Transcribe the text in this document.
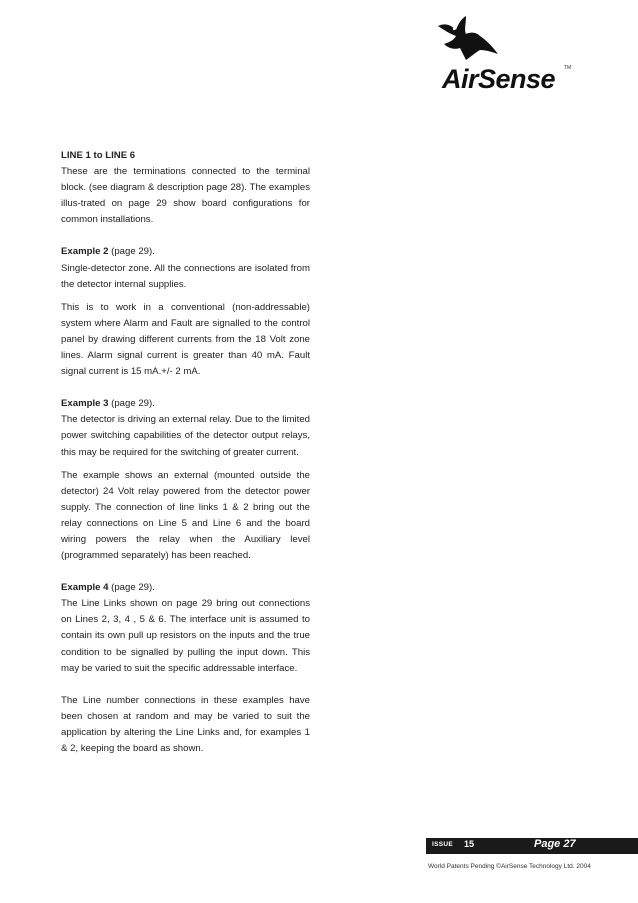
AirSense TM

LINE 1 to LINE 6

These are the terminations connected to the terminal block. (see diagram & description page 28). The examples illus-trated on page 29 show board configurations for common installations.

Example 2 (page 29).

Single-detector zone. All the connections are isolated from the detector internal supplies.

This is to work in a conventional (non-addressable) system where Alarm and Fault are signalled to the control panel by drawing different currents from the 18 Volt zone lines. Alarm signal current is greater than 40 mA. Fault signal current is 15 mA.+/- 2 mA.

Example 3 (page 29).

The detector is driving an external relay. Due to the limited power switching capabilities of the detector output relays, this may be required for the switching of greater current.

The example shows an external (mounted outside the detector) 24 Volt relay powered from the detector power supply. The connection of line links 1 & 2 bring out the relay connections on Line 5 and Line 6 and the board wiring powers the relay when the Auxiliary level (programmed separately) has been reached.

Example 4 (page 29).

The Line Links shown on page 29 bring out connections on Lines 2, 3, 4 , 5 & 6. The interface unit is assumed to contain its own pull up resistors on the inputs and the true condition to be signalled by pulling the input down. This may be varied to suit the specific addressable interface.

The Line number connections in these examples have been chosen at random and may be varied to suit the application by altering the Line Links and, for examples 1 & 2, keeping the board as shown.

ISSUE 15	Page 27
World Patents Pending ©AirSense Technology Ltd. 2004
